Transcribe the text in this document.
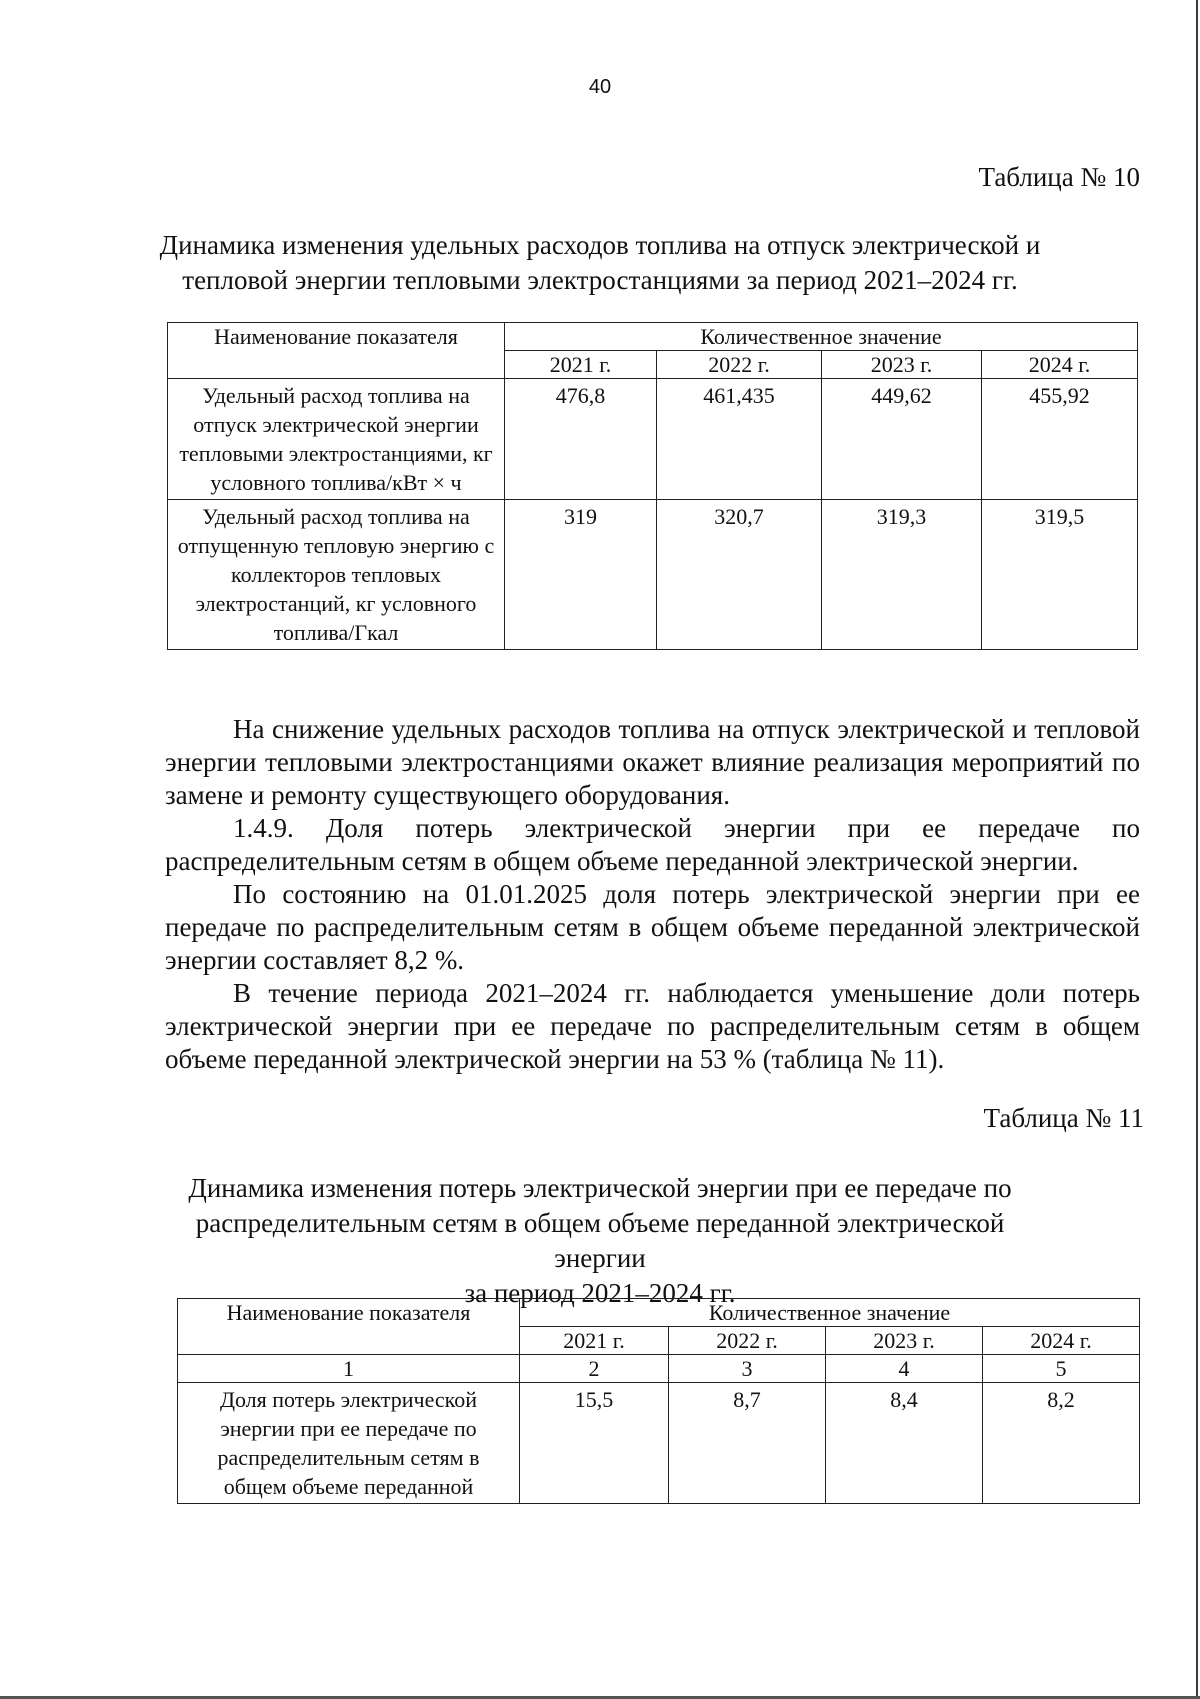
40
Таблица № 10
Динамика изменения удельных расходов топлива на отпуск электрической и
тепловой энергии тепловыми электростанциями за период 2021–2024 гг.
Наименование показателя	Количественное значение			
	2021 г.	2022 г.	2023 г.	2024 г.
Удельный расход топлива на отпуск электрической энергии тепловыми электростанциями, кг условного топлива/кВт × ч	476,8	461,435	449,62	455,92
Удельный расход топлива на отпущенную тепловую энергию с коллекторов тепловых электростанций, кг условного топлива/Гкал	319	320,7	319,3	319,5

На снижение удельных расходов топлива на отпуск электрической и тепловой энергии тепловыми электростанциями окажет влияние реализация мероприятий по замене и ремонту существующего оборудования.

1.4.9. Доля потерь электрической энергии при ее передаче по распределительным сетям в общем объеме переданной электрической энергии.

По состоянию на 01.01.2025 доля потерь электрической энергии при ее передаче по распределительным сетям в общем объеме переданной электрической энергии составляет 8,2 %.

В течение периода 2021–2024 гг. наблюдается уменьшение доли потерь электрической энергии при ее передаче по распределительным сетям в общем объеме переданной электрической энергии на 53 % (таблица № 11).

Таблица № 11
Динамика изменения потерь электрической энергии при ее передаче по
распределительным сетям в общем объеме переданной электрической энергии
за период 2021–2024 гг.
Наименование показателя	Количественное значение			
	2021 г.	2022 г.	2023 г.	2024 г.
1	2	3	4	5
Доля потерь электрической энергии при ее передаче по распределительным сетям в общем объеме переданной	15,5	8,7	8,4	8,2
